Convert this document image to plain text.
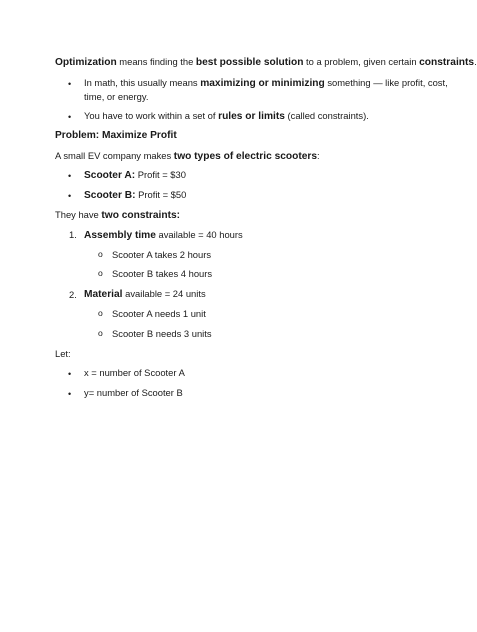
Optimization means finding the best possible solution to a problem, given certain constraints.
• In math, this usually means maximizing or minimizing something — like profit, cost,
time, or energy.
• You have to work within a set of rules or limits (called constraints).
Problem: Maximize Profit
A small EV company makes two types of electric scooters:
• Scooter A: Profit = $30
• Scooter B: Profit = $50
They have two constraints:
1. Assembly time available = 40 hours
o Scooter A takes 2 hours
o Scooter B takes 4 hours
2. Material available = 24 units
o Scooter A needs 1 unit
o Scooter B needs 3 units
Let:
• x = number of Scooter A
• y= number of Scooter B
